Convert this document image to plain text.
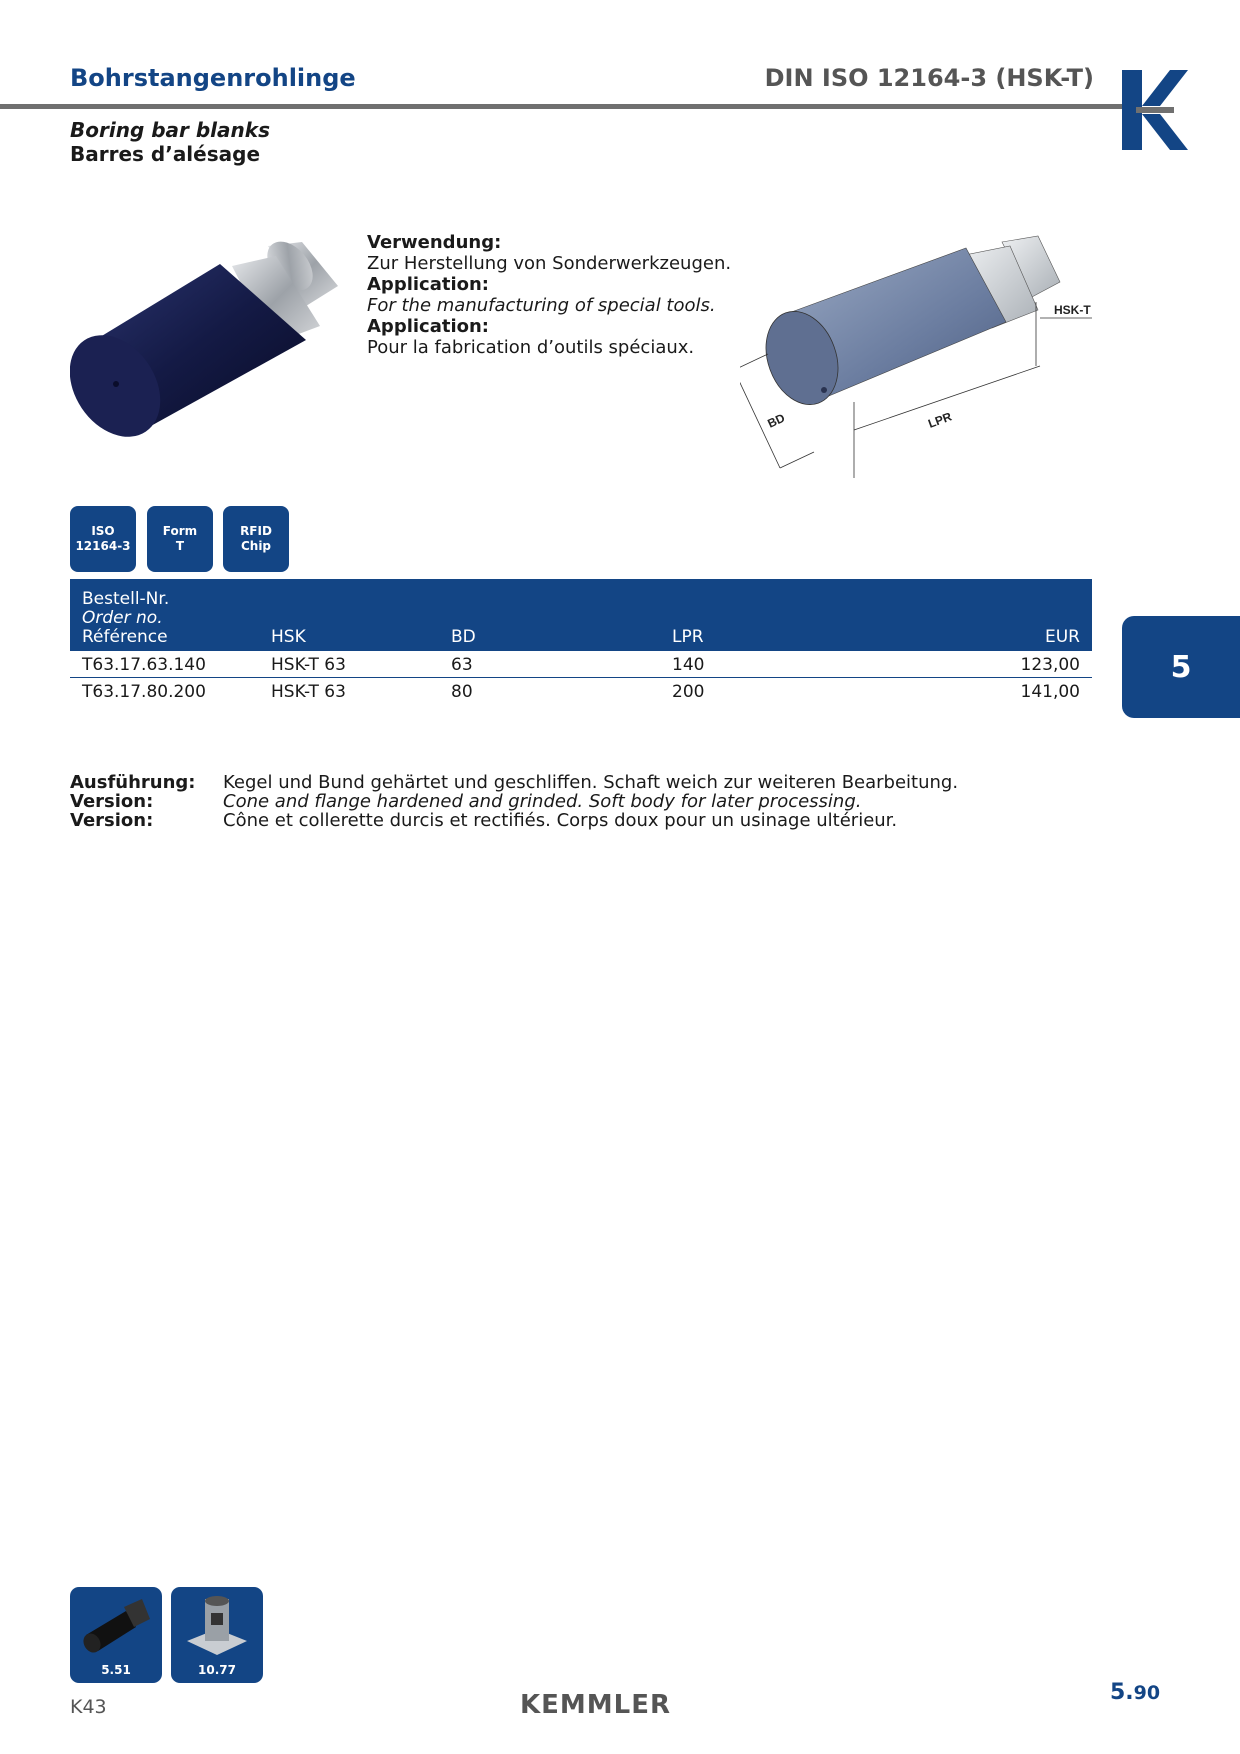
Bohrstangenrohlinge	DIN ISO 12164-3 (HSK-T)
Boring bar blanks
Barres d’alésage
Verwendung:
Zur Herstellung von Sonderwerkzeugen.
Application:
For the manufacturing of special tools.
Application:
Pour la fabrication d’outils spéciaux.
HSK-T
BD	LPR
ISO
12164-3
Form
T
RFID
Chip
Bestell-Nr.
Order no.
Référence	HSK	BD	LPR	EUR
T63.17.63.140	HSK-T 63	63	140	123,00
T63.17.80.200	HSK-T 63	80	200	141,00
5
Ausführung: Kegel und Bund gehärtet und geschliffen. Schaft weich zur weiteren Bearbeitung.
Version:	Cone and flange hardened and grinded. Soft body for later processing.
Version:	Cône et collerette durcis et rectifiés. Corps doux pour un usinage ultérieur.
5.51	10.77
K43	KEMMLER	5.90
